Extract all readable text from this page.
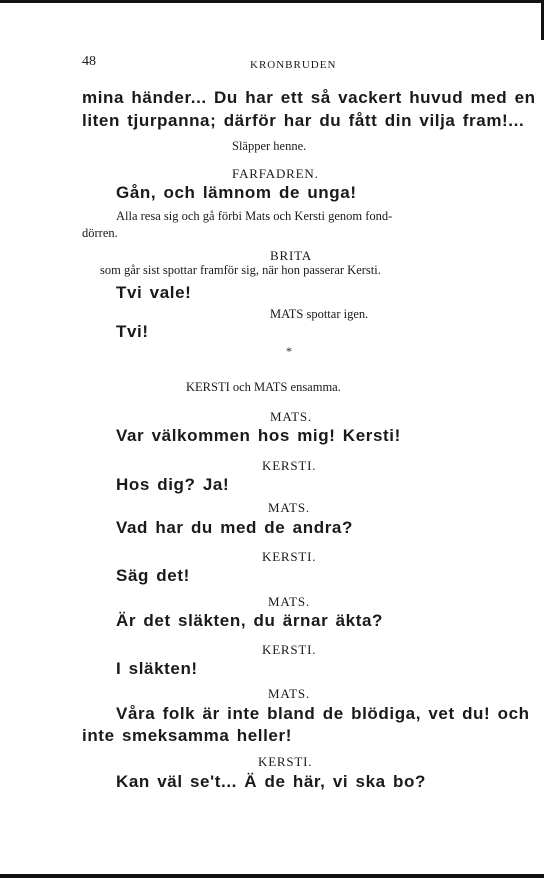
48	KRONBRUDEN
mina händer... Du har ett så vackert huvud med en
liten tjurpanna; därför har du fått din vilja fram!...
Släpper henne.
FARFADREN.
Gån, och lämnom de unga!
Alla resa sig och gå förbi Mats och Kersti genom fond-
dörren.
BRITA
som går sist spottar framför sig, när hon passerar Kersti.
Tvi vale!
MATS spottar igen.
Tvi!
*
KERSTI och MATS ensamma.
MATS.
Var välkommen hos mig! Kersti!
KERSTI.
Hos dig? Ja!
MATS.
Vad har du med de andra?
KERSTI.
Säg det!
MATS.
Är det släkten, du ärnar äkta?
KERSTI.
I släkten!
MATS.
Våra folk är inte bland de blödiga, vet du! och
inte smeksamma heller!
KERSTI.
Kan väl se't... Ä de här, vi ska bo?
